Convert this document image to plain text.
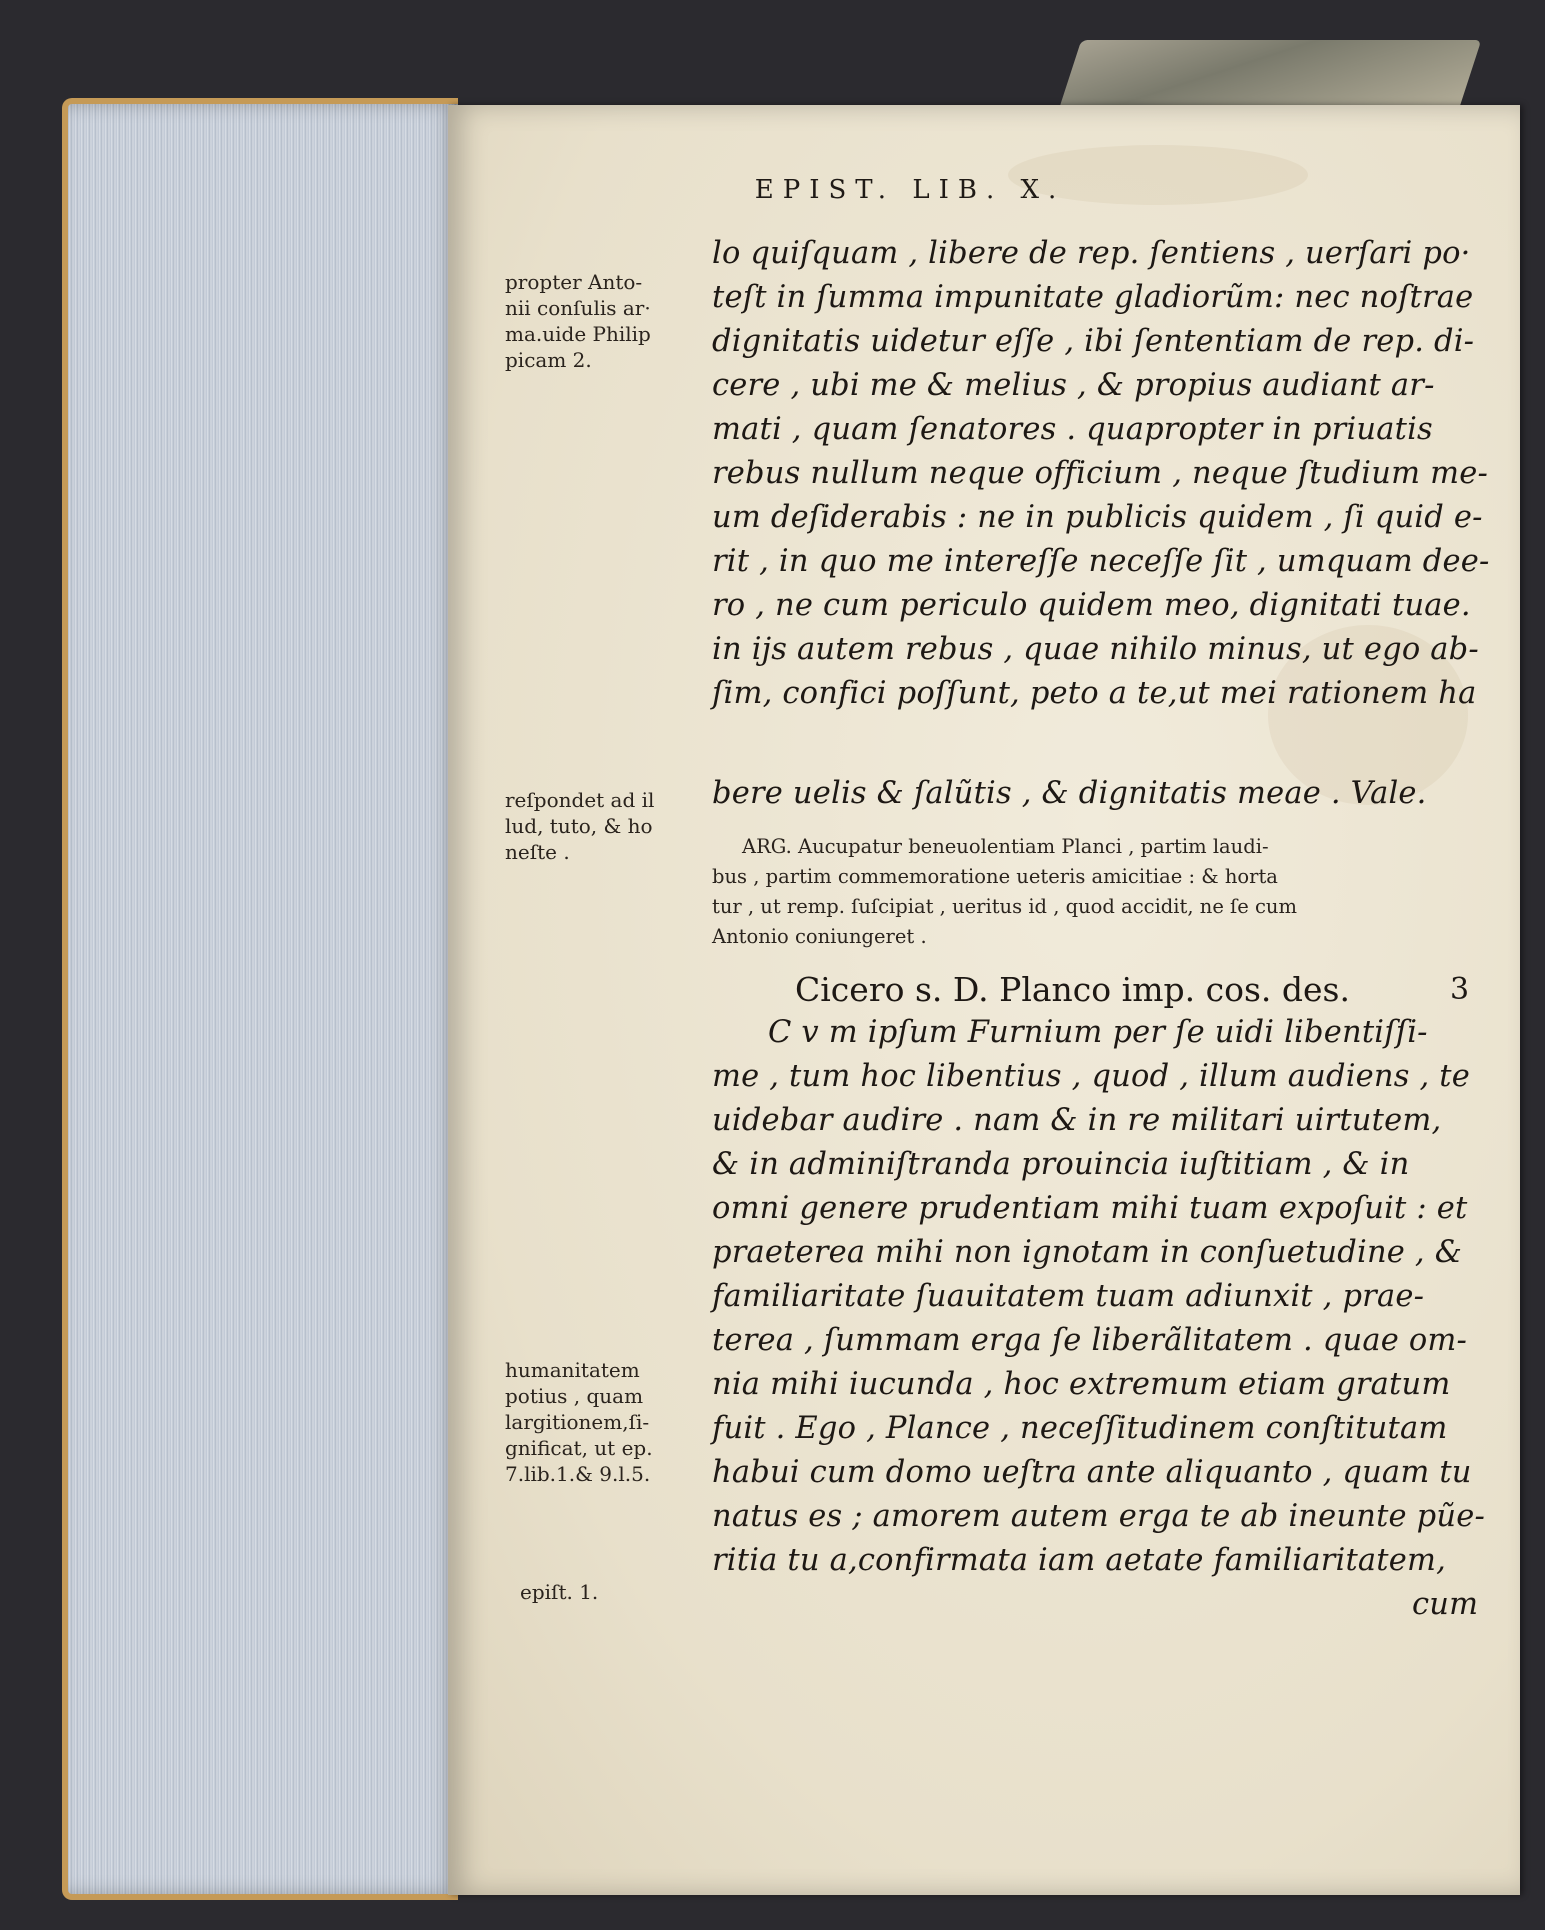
EPIST. LIB. X.
lo quiſquam , libere de rep. ſentiens , uerſari po·
teſt in ſumma impunitate gladiorũm: nec noſtrae
dignitatis uidetur eſſe , ibi ſententiam de rep. di-
cere , ubi me & melius , & propius audiant ar-
mati , quam ſenatores . quapropter in priuatis
rebus nullum neque officium , neque ſtudium me-
um deſiderabis : ne in publicis quidem , ſi quid e-
rit , in quo me intereſſe neceſſe ſit , umquam dee-
ro , ne cum periculo quidem meo, dignitati tuae.
in ijs autem rebus , quae nihilo minus, ut ego ab-
ſim, confici poſſunt, peto a te,ut mei rationem ha
bere uelis & ſalũtis , & dignitatis meae . Vale.
ARG. Aucupatur beneuolentiam Planci , partim laudi-
bus , partim commemoratione ueteris amicitiae : & horta
tur , ut remp. ſuſcipiat , ueritus id , quod accidit, ne ſe cum
Antonio coniungeret .
Cicero s. D. Planco imp. cos. des.	3
C v m ipſum Furnium per ſe uidi libentiſſi-
me , tum hoc libentius , quod , illum audiens , te
uidebar audire . nam & in re militari uirtutem,
& in adminiſtranda prouincia iuſtitiam , & in
omni genere prudentiam mihi tuam expoſuit : et
praeterea mihi non ignotam in conſuetudine , &
familiaritate ſuauitatem tuam adiunxit , prae-
terea , ſummam erga ſe liberãlitatem . quae om-
nia mihi iucunda , hoc extremum etiam gratum
fuit . Ego , Plance , neceſſitudinem conſtitutam
habui cum domo ueſtra ante aliquanto , quam tu
natus es ; amorem autem erga te ab ineunte pũe-
ritia tu a,confirmata iam aetate familiaritatem,
cum
propter Anto-
nii conſulis ar·
ma.uide Philip
picam 2.
reſpondet ad il
lud, tuto, & ho
neſte .
humanitatem
potius , quam
largitionem,ſi-
gnificat, ut ep.
7.lib.1.& 9.l.5.
epiſt. 1.
